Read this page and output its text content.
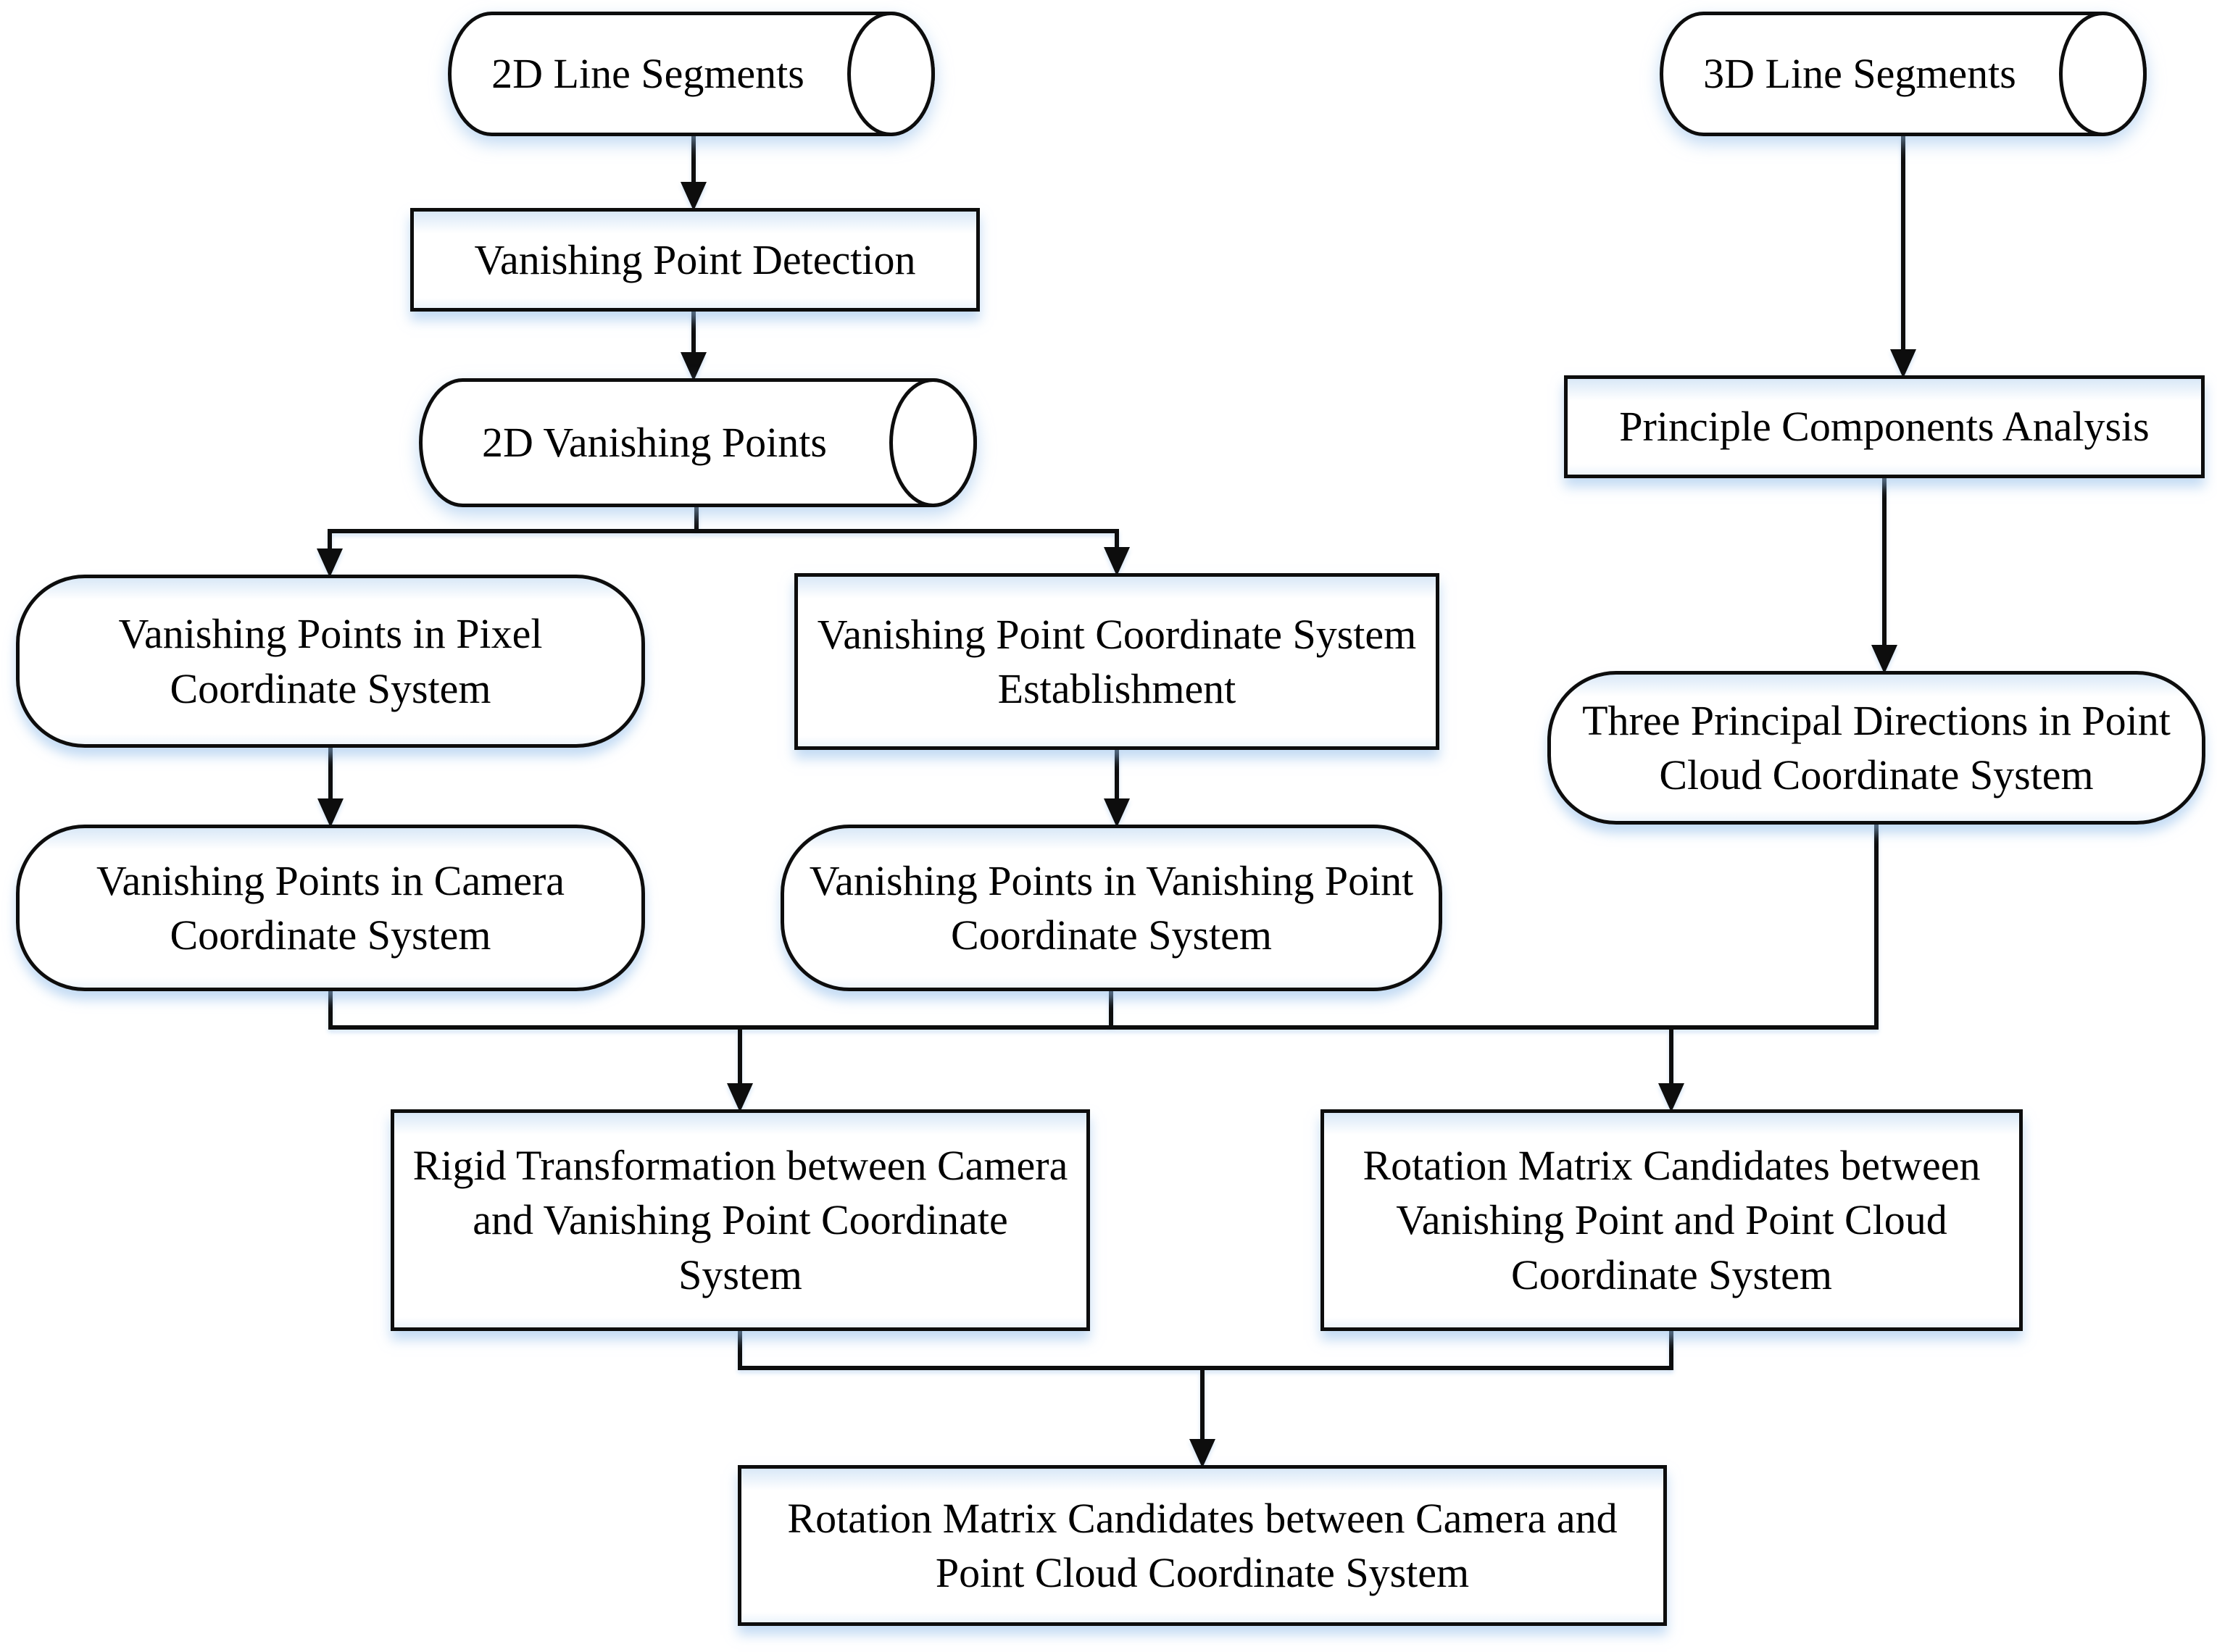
2D Line Segments
Vanishing Point Detection
2D Vanishing Points
Vanishing Points in Pixel Coordinate System
Vanishing Point Coordinate System Establishment
Vanishing Points in Camera Coordinate System
Vanishing Points in Vanishing Point Coordinate System
3D Line Segments
Principle Components Analysis
Three Principal Directions in Point Cloud Coordinate System
Rigid Transformation between Camera and Vanishing Point Coordinate System
Rotation Matrix Candidates between Vanishing Point and Point Cloud Coordinate System
Rotation Matrix Candidates between Camera and Point Cloud Coordinate System
